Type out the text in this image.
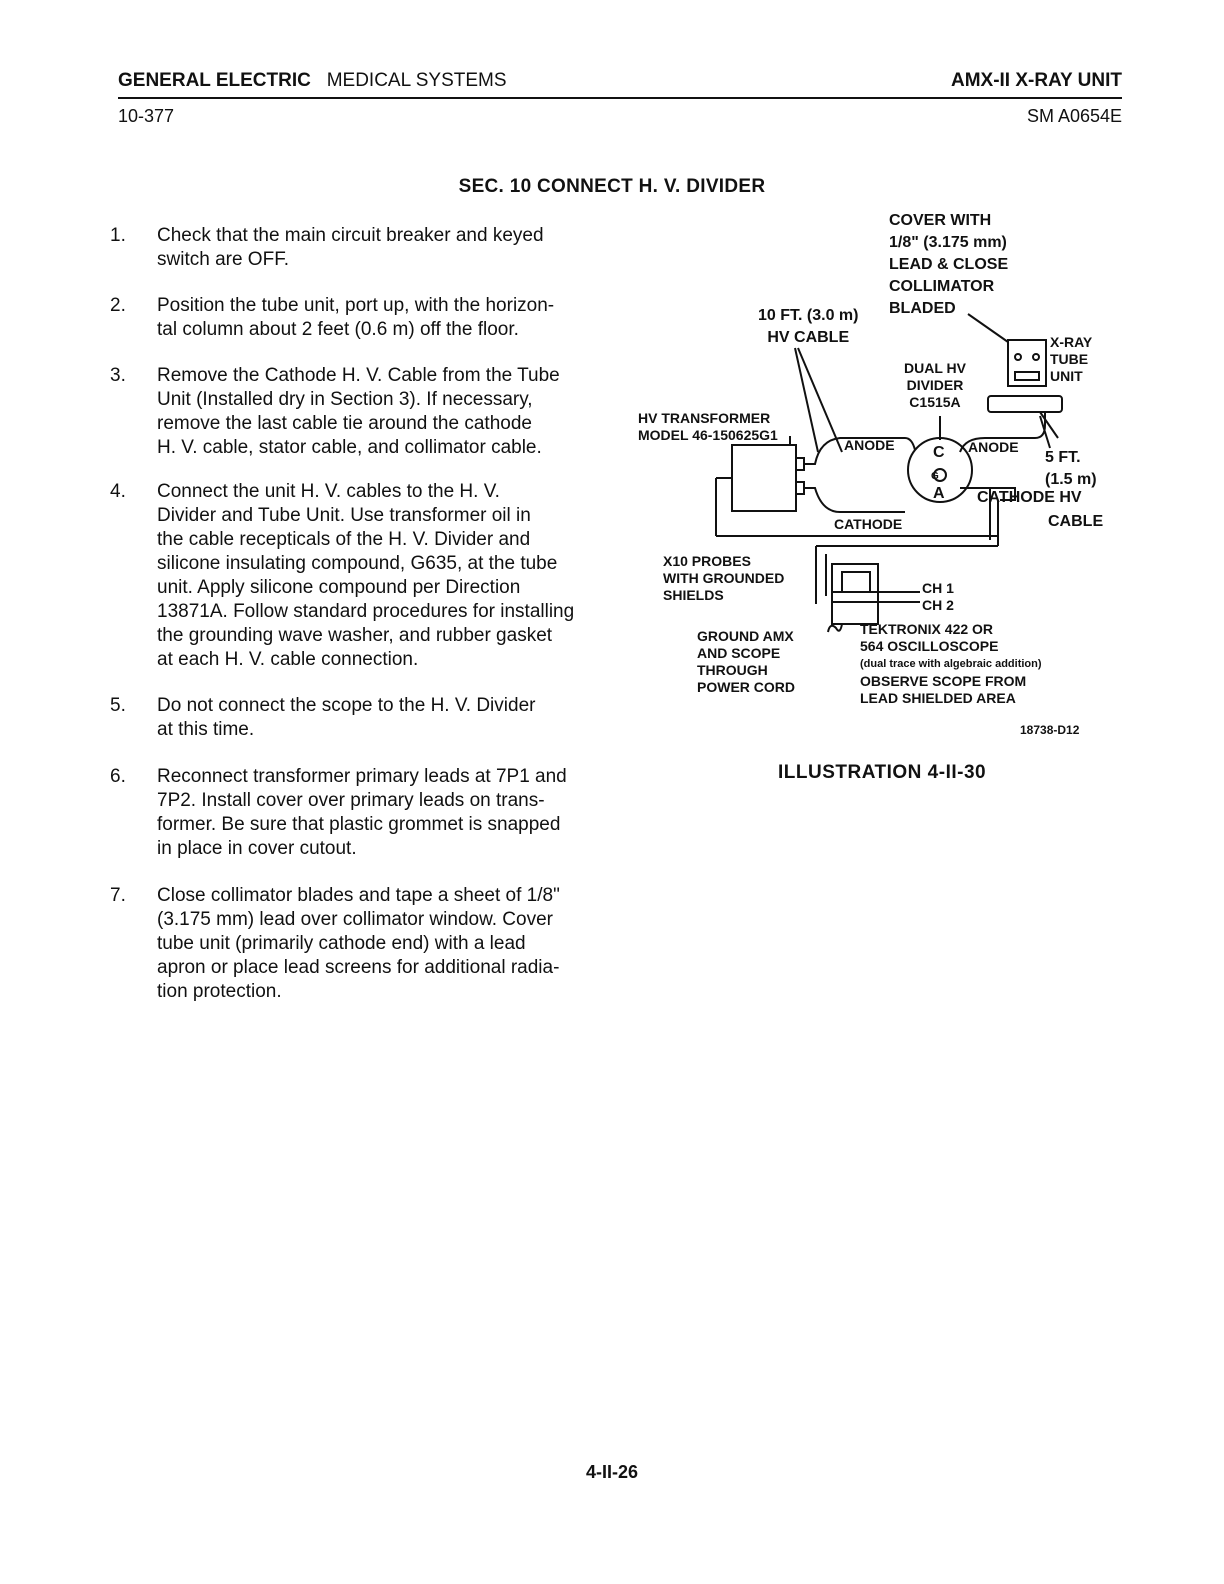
GENERAL ELECTRIC MEDICAL SYSTEMS	AMX-II X-RAY UNIT
10-377	SM A0654E
SEC. 10 CONNECT H. V. DIVIDER
1. Check that the main circuit breaker and keyed
switch are OFF.
2. Position the tube unit, port up, with the horizon-
tal column about 2 feet (0.6 m) off the floor.
3. Remove the Cathode H. V. Cable from the Tube
Unit (Installed dry in Section 3). If necessary,
remove the last cable tie around the cathode
H. V. cable, stator cable, and collimator cable.
4. Connect the unit H. V. cables to the H. V.
Divider and Tube Unit. Use transformer oil in
the cable recepticals of the H. V. Divider and
silicone insulating compound, G635, at the tube
unit. Apply silicone compound per Direction
13871A. Follow standard procedures for installing
the grounding wave washer, and rubber gasket
at each H. V. cable connection.
5. Do not connect the scope to the H. V. Divider
at this time.
6. Reconnect transformer primary leads at 7P1 and
7P2. Install cover over primary leads on trans-
former. Be sure that plastic grommet is snapped
in place in cover cutout.
7. Close collimator blades and tape a sheet of 1/8"
(3.175 mm) lead over collimator window. Cover
tube unit (primarily cathode end) with a lead
apron or place lead screens for additional radia-
tion protection.
COVER WITH
1/8" (3.175 mm)
LEAD & CLOSE
COLLIMATOR
BLADED
10 FT. (3.0 m)
HV CABLE	X-RAY
TUBE
UNIT
DUAL HV
DIVIDER
C1515A
HV TRANSFORMER
MODEL 46-150625G1
ANODE	ANODE
C
G
A
5 FT.
(1.5 m)
CATHODE HV
CABLE
CATHODE
X10 PROBES
WITH GROUNDED
SHIELDS	CH 1
CH 2
GROUND AMX
AND SCOPE
THROUGH
POWER CORD
TEKTRONIX 422 OR
564 OSCILLOSCOPE
(dual trace with algebraic addition)
OBSERVE SCOPE FROM
LEAD SHIELDED AREA
18738-D12
ILLUSTRATION 4-II-30
4-II-26
